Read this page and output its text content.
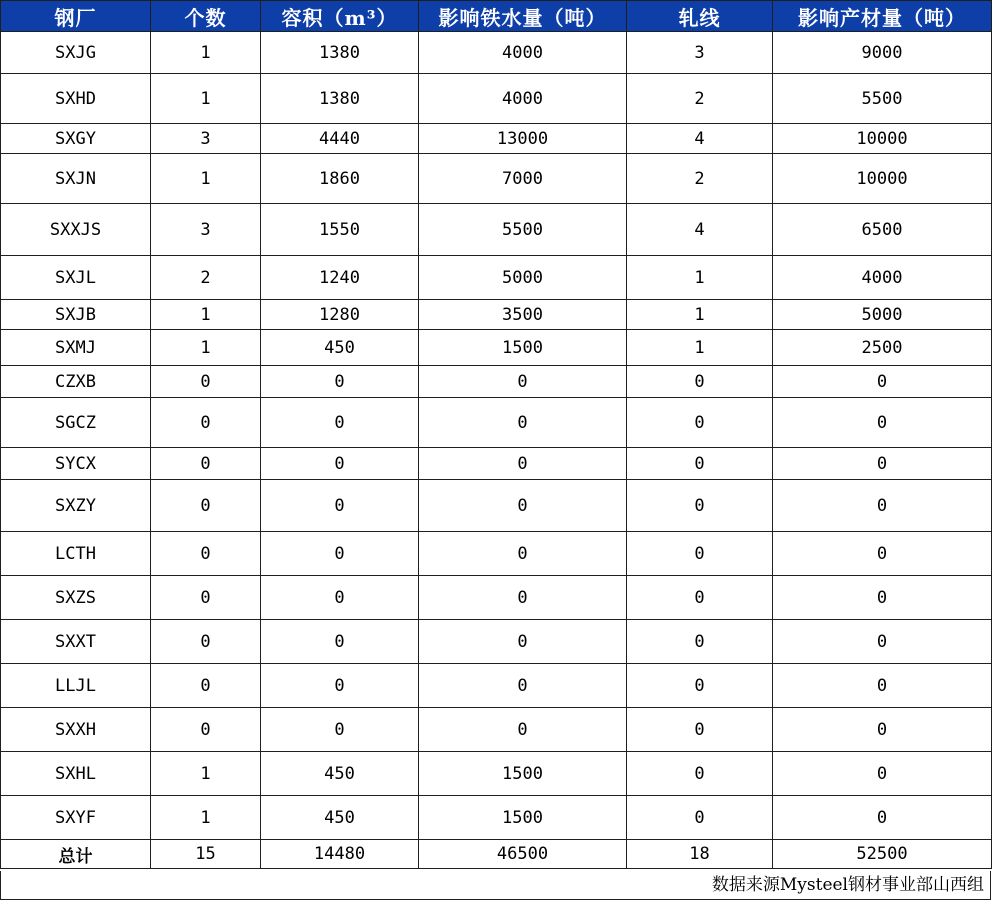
钢厂	个数	容积（m³）	影响铁水量（吨）	轧线	影响产材量（吨）
SXJG	1	1380	4000	3	9000
SXHD	1	1380	4000	2	5500
SXGY	3	4440	13000	4	10000
SXJN	1	1860	7000	2	10000
SXXJS	3	1550	5500	4	6500
SXJL	2	1240	5000	1	4000
SXJB	1	1280	3500	1	5000
SXMJ	1	450	1500	1	2500
CZXB	0	0	0	0	0
SGCZ	0	0	0	0	0
SYCX	0	0	0	0	0
SXZY	0	0	0	0	0
LCTH	0	0	0	0	0
SXZS	0	0	0	0	0
SXXT	0	0	0	0	0
LLJL	0	0	0	0	0
SXXH	0	0	0	0	0
SXHL	1	450	1500	0	0
SXYF	1	450	1500	0	0
总计	15	14480	46500	18	52500
数据来源Mysteel钢材事业部山西组
